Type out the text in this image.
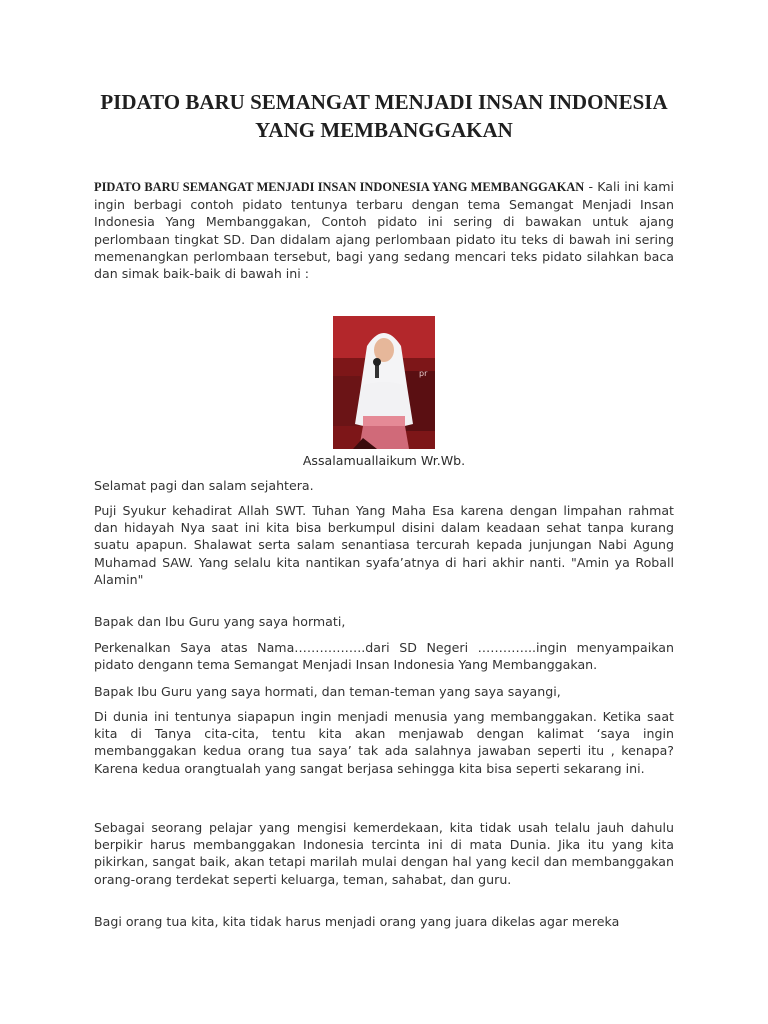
PIDATO BARU SEMANGAT MENJADI INSAN INDONESIA
YANG MEMBANGGAKAN

PIDATO BARU SEMANGAT MENJADI INSAN INDONESIA YANG MEMBANGGAKAN - Kali ini kami ingin berbagi contoh pidato tentunya terbaru dengan tema Semangat Menjadi Insan Indonesia Yang Membanggakan, Contoh pidato ini sering di bawakan untuk ajang perlombaan tingkat SD. Dan didalam ajang perlombaan pidato itu teks di bawah ini sering memenangkan perlombaan tersebut, bagi yang sedang mencari teks pidato silahkan baca dan simak baik-baik di bawah ini :

pr

Assalamuallaikum Wr.Wb.

Selamat pagi dan salam sejahtera.

Puji Syukur kehadirat Allah SWT. Tuhan Yang Maha Esa karena dengan limpahan rahmat dan hidayah Nya saat ini kita bisa berkumpul disini dalam keadaan sehat tanpa kurang suatu apapun. Shalawat serta salam senantiasa tercurah kepada junjungan Nabi Agung Muhamad SAW. Yang selalu kita nantikan syafa’atnya di hari akhir nanti. "Amin ya Roball Alamin"

Bapak dan Ibu Guru yang saya hormati,

Perkenalkan Saya atas Nama……………..dari SD Negeri …………..ingin menyampaikan pidato dengann tema Semangat Menjadi Insan Indonesia Yang Membanggakan.

Bapak Ibu Guru yang saya hormati, dan teman-teman yang saya sayangi,

Di dunia ini tentunya siapapun ingin menjadi menusia yang membanggakan. Ketika saat kita di Tanya cita-cita, tentu kita akan menjawab dengan kalimat ‘saya ingin membanggakan kedua orang tua saya’ tak ada salahnya jawaban seperti itu , kenapa? Karena kedua orangtualah yang sangat berjasa sehingga kita bisa seperti sekarang ini.

Sebagai seorang pelajar yang mengisi kemerdekaan, kita tidak usah telalu jauh dahulu berpikir harus membanggakan Indonesia tercinta ini di mata Dunia. Jika itu yang kita pikirkan, sangat baik, akan tetapi marilah mulai dengan hal yang kecil dan membanggakan orang-orang terdekat seperti keluarga, teman, sahabat, dan guru.

Bagi orang tua kita, kita tidak harus menjadi orang yang juara dikelas agar mereka
